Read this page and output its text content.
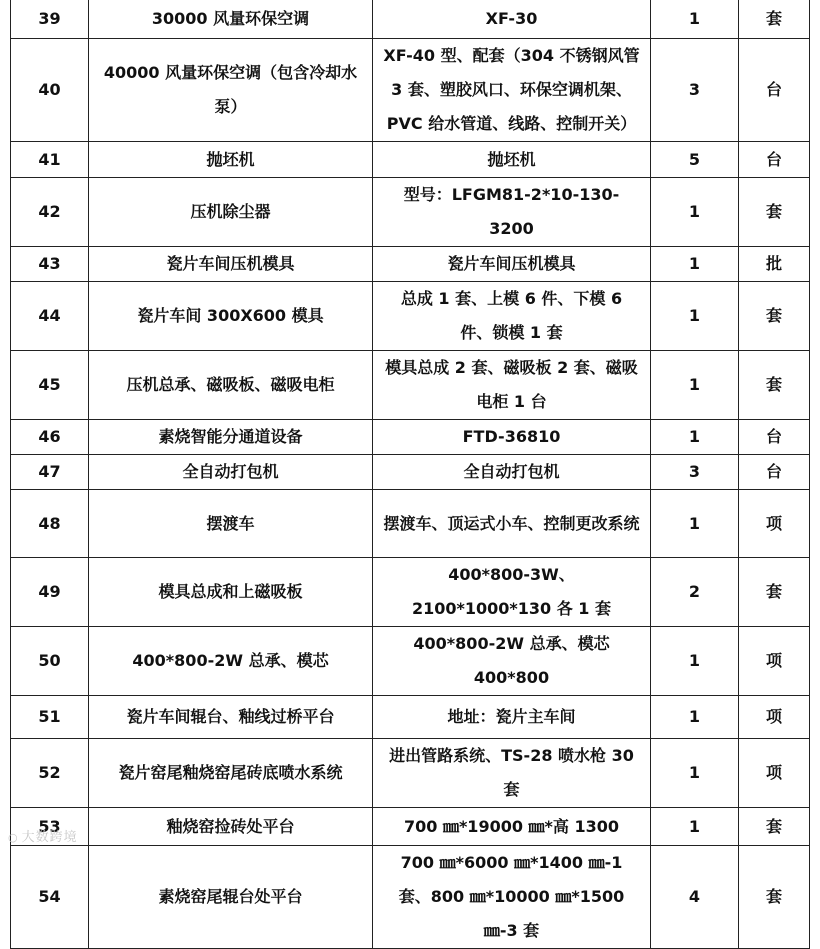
39	30000 风量环保空调	XF-30	1	套
40	40000 风量环保空调（包含冷却水泵）	XF-40 型、配套（304 不锈钢风管 3 套、塑胶风口、环保空调机架、PVC 给水管道、线路、控制开关）	3	台
41	抛坯机	抛坯机	5	台
42	压机除尘器	型号：LFGM81-2*10-130-3200	1	套
43	瓷片车间压机模具	瓷片车间压机模具	1	批
44	瓷片车间 300X600 模具	总成 1 套、上模 6 件、下模 6 件、锁模 1 套	1	套
45	压机总承、磁吸板、磁吸电柜	模具总成 2 套、磁吸板 2 套、磁吸电柜 1 台	1	套
46	素烧智能分通道设备	FTD-36810	1	台
47	全自动打包机	全自动打包机	3	台
48	摆渡车	摆渡车、顶运式小车、控制更改系统	1	项
49	模具总成和上磁吸板	400*800-3W、2100*1000*130 各 1 套	2	套
50	400*800-2W 总承、模芯	400*800-2W 总承、模芯 400*800	1	项
51	瓷片车间辊台、釉线过桥平台	地址：瓷片主车间	1	项
52	瓷片窑尾釉烧窑尾砖底喷水系统	进出管路系统、TS-28 喷水枪 30 套	1	项
53	釉烧窑捡砖处平台	700 ㎜*19000 ㎜*高 1300	1	套
54	素烧窑尾辊台处平台	700 ㎜*6000 ㎜*1400 ㎜-1 套、800 ㎜*10000 ㎜*1500 ㎜-3 套	4	套
○ 大数跨境
